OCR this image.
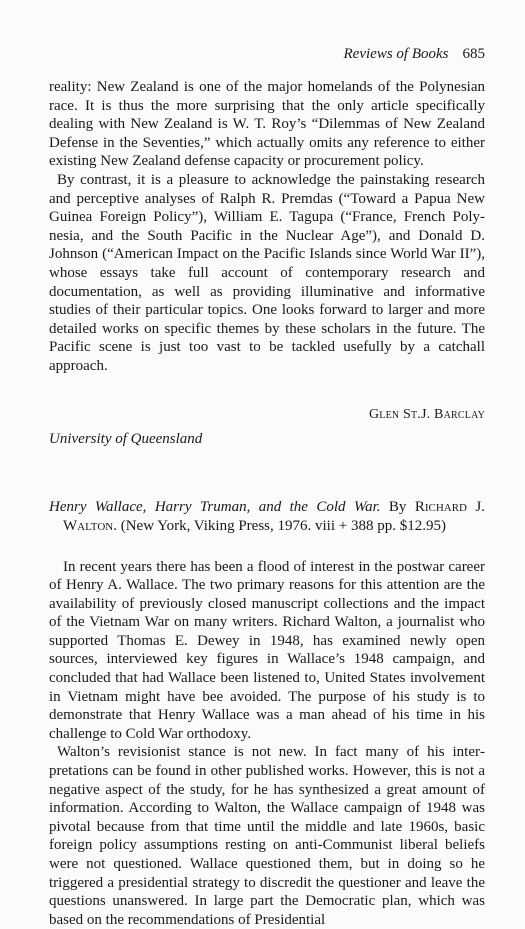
Reviews of Books 685

reality: New Zealand is one of the major homelands of the Polynesian race. It is thus the more surprising that the only article specifically dealing with New Zealand is W. T. Roy’s “Dilemmas of New Zealand Defense in the Seventies,” which actually omits any reference to either existing New Zealand defense capacity or procurement policy.

By contrast, it is a pleasure to acknowledge the painstaking research and perceptive analyses of Ralph R. Premdas (“Toward a Papua New Guinea Foreign Policy”), William E. Tagupa (“France, French Polynesia, and the South Pacific in the Nuclear Age”), and Donald D. Johnson (“American Impact on the Pacific Islands since World War II”), whose essays take full account of contemporary research and documentation, as well as providing illuminative and informative studies of their particular topics. One looks forward to larger and more detailed works on specific themes by these scholars in the future. The Pacific scene is just too vast to be tackled usefully by a catchall approach.

Glen St.J. Barclay
University of Queensland
Henry Wallace, Harry Truman, and the Cold War. By Richard J. Walton. (New York, Viking Press, 1976. viii + 388 pp. $12.95)

In recent years there has been a flood of interest in the postwar career of Henry A. Wallace. The two primary reasons for this attention are the availability of previously closed manuscript collections and the impact of the Vietnam War on many writers. Richard Walton, a journalist who supported Thomas E. Dewey in 1948, has examined newly open sources, interviewed key figures in Wallace’s 1948 campaign, and concluded that had Wallace been listened to, United States involvement in Vietnam might have bee avoided. The purpose of his study is to demonstrate that Henry Wallace was a man ahead of his time in his challenge to Cold War orthodoxy.

Walton’s revisionist stance is not new. In fact many of his interpretations can be found in other published works. However, this is not a negative aspect of the study, for he has synthesized a great amount of information. According to Walton, the Wallace campaign of 1948 was pivotal because from that time until the middle and late 1960s, basic foreign policy assumptions resting on anti-Communist liberal beliefs were not questioned. Wallace questioned them, but in doing so he triggered a presidential strategy to discredit the questioner and leave the questions unanswered. In large part the Democratic plan, which was based on the recommendations of Presidential
